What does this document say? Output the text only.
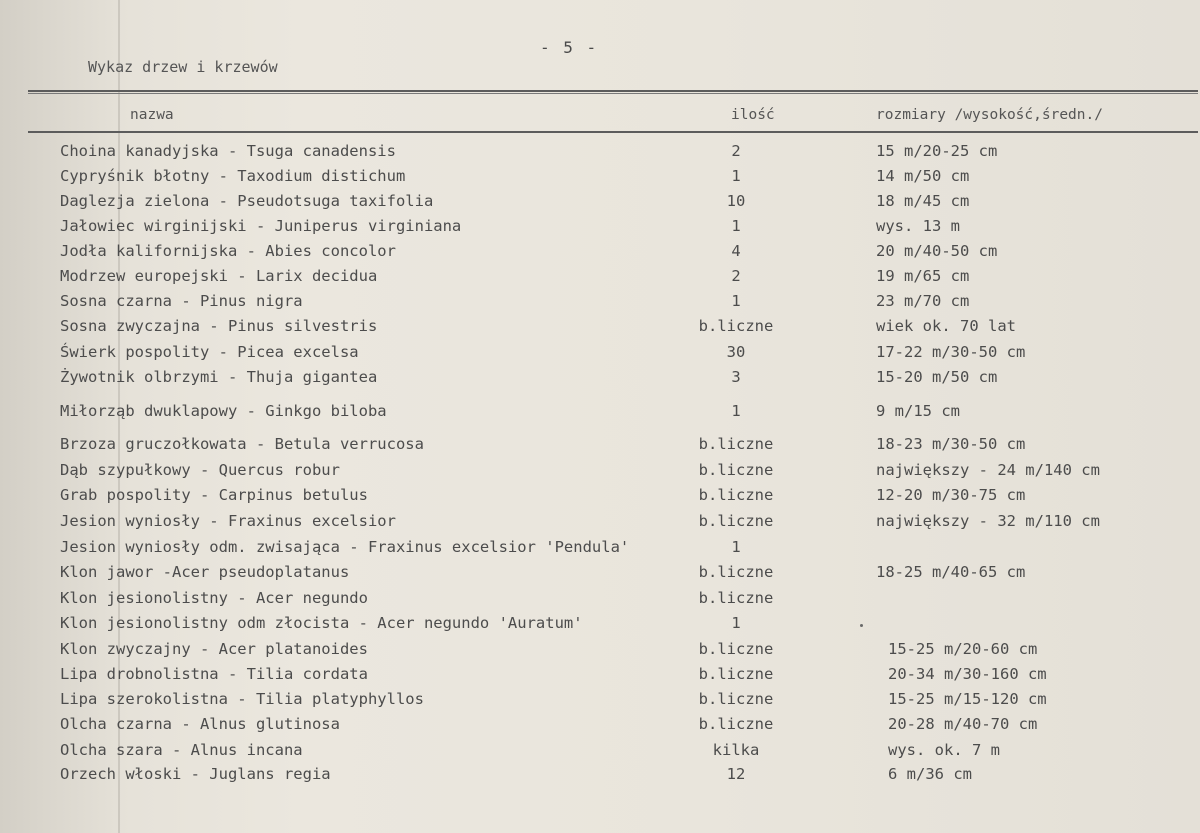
- 5 -
Wykaz drzew i krzewów
nazwa	ilość	rozmiary /wysokość,średn./
Choina kanadyjska - Tsuga canadensis	2	15 m/20-25 cm
Cypryśnik błotny - Taxodium distichum	1	14 m/50 cm
Daglezja zielona - Pseudotsuga taxifolia	10	18 m/45 cm
Jałowiec wirginijski - Juniperus virginiana	1	wys. 13 m
Jodła kalifornijska - Abies concolor	4	20 m/40-50 cm
Modrzew europejski - Larix decidua	2	19 m/65 cm
Sosna czarna - Pinus nigra	1	23 m/70 cm
Sosna zwyczajna - Pinus silvestris	b.liczne	wiek ok. 70 lat
Świerk pospolity - Picea excelsa	30	17-22 m/30-50 cm
Żywotnik olbrzymi - Thuja gigantea	3	15-20 m/50 cm
Miłorząb dwuklapowy - Ginkgo biloba	1	9 m/15 cm
Brzoza gruczołkowata - Betula verrucosa	b.liczne	18-23 m/30-50 cm
Dąb szypułkowy - Quercus robur	b.liczne	największy - 24 m/140 cm
Grab pospolity - Carpinus betulus	b.liczne	12-20 m/30-75 cm
Jesion wyniosły - Fraxinus excelsior	b.liczne	największy - 32 m/110 cm
Jesion wyniosły odm. zwisająca - Fraxinus excelsior 'Pendula'	1
Klon jawor -Acer pseudoplatanus	b.liczne	18-25 m/40-65 cm
Klon jesionolistny - Acer negundo	b.liczne
Klon jesionolistny odm złocista - Acer negundo 'Auratum'	1
Klon zwyczajny - Acer platanoides	b.liczne	15-25 m/20-60 cm
Lipa drobnolistna - Tilia cordata	b.liczne	20-34 m/30-160 cm
Lipa szerokolistna - Tilia platyphyllos	b.liczne	15-25 m/15-120 cm
Olcha czarna - Alnus glutinosa	b.liczne	20-28 m/40-70 cm
Olcha szara - Alnus incana	kilka	wys. ok. 7 m
Orzech włoski - Juglans regia	12	6 m/36 cm
